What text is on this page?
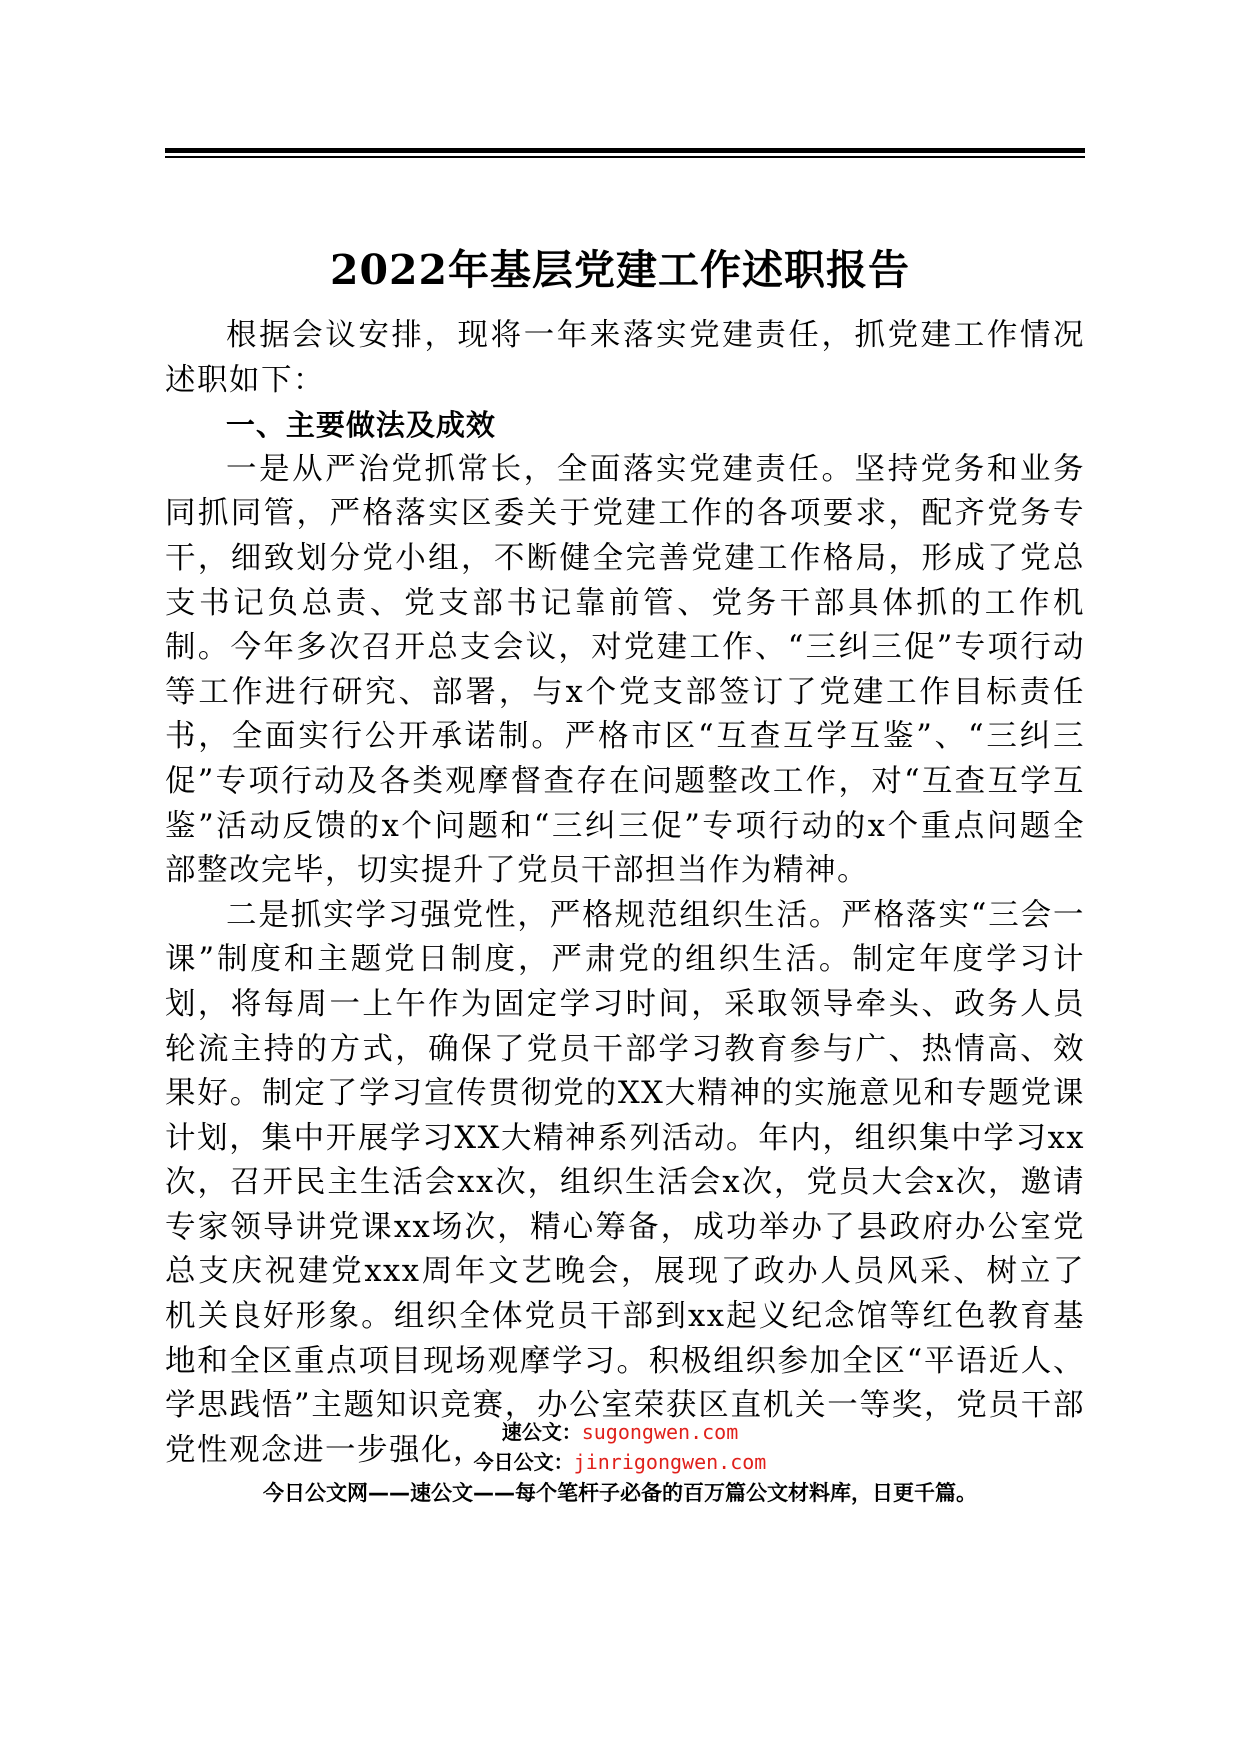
2022年基层党建工作述职报告

根据会议安排，现将一年来落实党建责任，抓党建工作情况述职如下：

一、主要做法及成效

一是从严治党抓常长，全面落实党建责任。坚持党务和业务同抓同管，严格落实区委关于党建工作的各项要求，配齐党务专干，细致划分党小组，不断健全完善党建工作格局，形成了党总支书记负总责、党支部书记靠前管、党务干部具体抓的工作机制。今年多次召开总支会议，对党建工作、“三纠三促”专项行动等工作进行研究、部署，与x个党支部签订了党建工作目标责任书，全面实行公开承诺制。严格市区“互查互学互鉴”、“三纠三促”专项行动及各类观摩督查存在问题整改工作，对“互查互学互鉴”活动反馈的x个问题和“三纠三促”专项行动的x个重点问题全部整改完毕，切实提升了党员干部担当作为精神。

二是抓实学习强党性，严格规范组织生活。严格落实“三会一课”制度和主题党日制度，严肃党的组织生活。制定年度学习计划，将每周一上午作为固定学习时间，采取领导牵头、政务人员轮流主持的方式，确保了党员干部学习教育参与广、热情高、效果好。制定了学习宣传贯彻党的XX大精神的实施意见和专题党课计划，集中开展学习XX大精神系列活动。年内，组织集中学习xx次，召开民主生活会xx次，组织生活会x次，党员大会x次，邀请专家领导讲党课xx场次，精心筹备，成功举办了县政府办公室党总支庆祝建党xxx周年文艺晚会，展现了政办人员风采、树立了机关良好形象。组织全体党员干部到xx起义纪念馆等红色教育基地和全区重点项目现场观摩学习。积极组织参加全区“平语近人、学思践悟”主题知识竞赛，办公室荣获区直机关一等奖，党员干部党性观念进一步强化，

速公文：sugongwen.com
今日公文：jinrigongwen.com
今日公文网——速公文——每个笔杆子必备的百万篇公文材料库，日更千篇。
